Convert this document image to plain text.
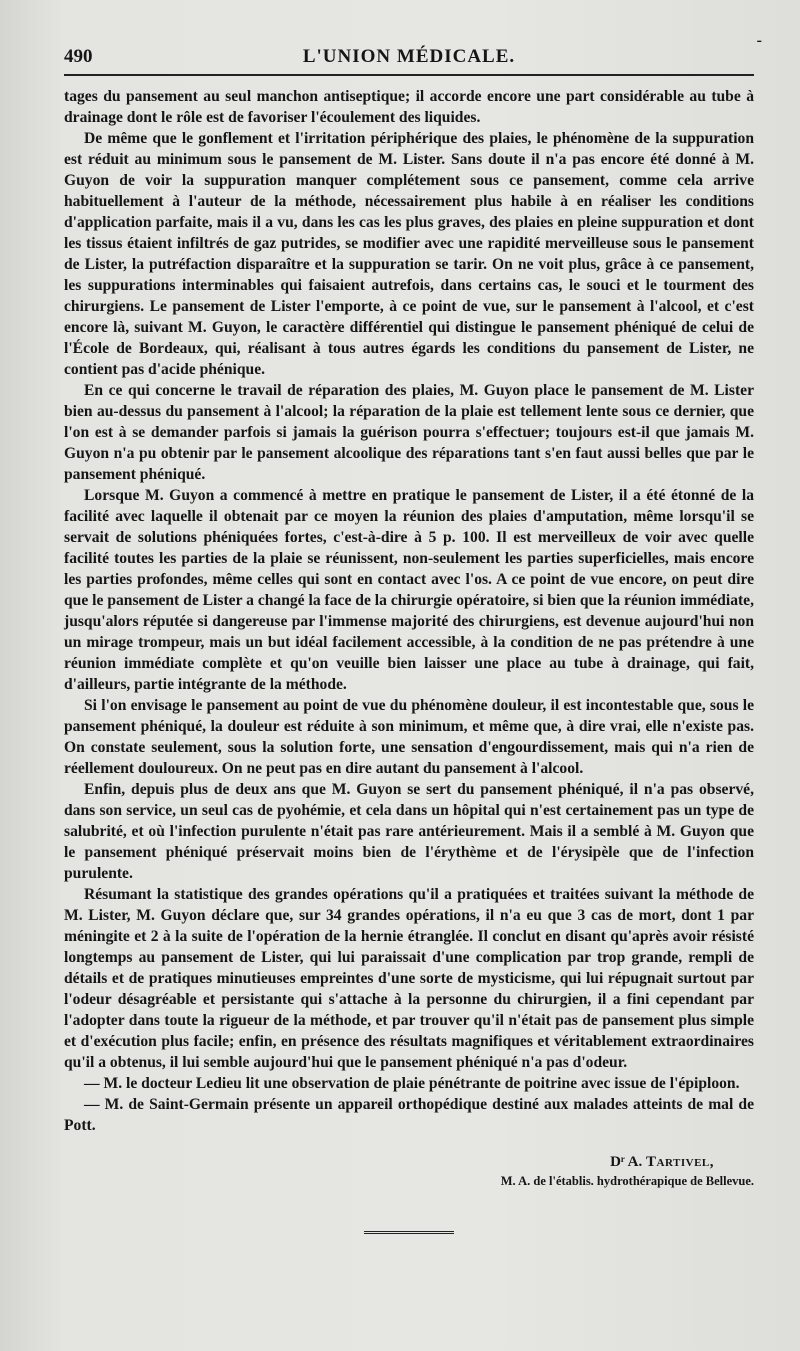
490	L'UNION MÉDICALE.
-

tages du pansement au seul manchon antiseptique; il accorde encore une part considérable au tube à drainage dont le rôle est de favoriser l'écoulement des liquides.

De même que le gonflement et l'irritation périphérique des plaies, le phénomène de la suppuration est réduit au minimum sous le pansement de M. Lister. Sans doute il n'a pas encore été donné à M. Guyon de voir la suppuration manquer complétement sous ce pansement, comme cela arrive habituellement à l'auteur de la méthode, nécessairement plus habile à en réaliser les conditions d'application parfaite, mais il a vu, dans les cas les plus graves, des plaies en pleine suppuration et dont les tissus étaient infiltrés de gaz putrides, se modifier avec une rapidité merveilleuse sous le pansement de Lister, la putréfaction disparaître et la suppuration se tarir. On ne voit plus, grâce à ce pansement, les suppurations interminables qui faisaient autrefois, dans certains cas, le souci et le tourment des chirurgiens. Le pansement de Lister l'emporte, à ce point de vue, sur le pansement à l'alcool, et c'est encore là, suivant M. Guyon, le caractère différentiel qui distingue le pansement phéniqué de celui de l'École de Bordeaux, qui, réalisant à tous autres égards les conditions du pansement de Lister, ne contient pas d'acide phénique.

En ce qui concerne le travail de réparation des plaies, M. Guyon place le pansement de M. Lister bien au-dessus du pansement à l'alcool; la réparation de la plaie est tellement lente sous ce dernier, que l'on est à se demander parfois si jamais la guérison pourra s'effectuer; toujours est-il que jamais M. Guyon n'a pu obtenir par le pansement alcoolique des réparations tant s'en faut aussi belles que par le pansement phéniqué.

Lorsque M. Guyon a commencé à mettre en pratique le pansement de Lister, il a été étonné de la facilité avec laquelle il obtenait par ce moyen la réunion des plaies d'amputation, même lorsqu'il se servait de solutions phéniquées fortes, c'est-à-dire à 5 p. 100. Il est merveilleux de voir avec quelle facilité toutes les parties de la plaie se réunissent, non-seulement les parties superficielles, mais encore les parties profondes, même celles qui sont en contact avec l'os. A ce point de vue encore, on peut dire que le pansement de Lister a changé la face de la chirurgie opératoire, si bien que la réunion immédiate, jusqu'alors réputée si dangereuse par l'immense majorité des chirurgiens, est devenue aujourd'hui non un mirage trompeur, mais un but idéal facilement accessible, à la condition de ne pas prétendre à une réunion immédiate complète et qu'on veuille bien laisser une place au tube à drainage, qui fait, d'ailleurs, partie intégrante de la méthode.

Si l'on envisage le pansement au point de vue du phénomène douleur, il est incontestable que, sous le pansement phéniqué, la douleur est réduite à son minimum, et même que, à dire vrai, elle n'existe pas. On constate seulement, sous la solution forte, une sensation d'engourdissement, mais qui n'a rien de réellement douloureux. On ne peut pas en dire autant du pansement à l'alcool.

Enfin, depuis plus de deux ans que M. Guyon se sert du pansement phéniqué, il n'a pas observé, dans son service, un seul cas de pyohémie, et cela dans un hôpital qui n'est certainement pas un type de salubrité, et où l'infection purulente n'était pas rare antérieurement. Mais il a semblé à M. Guyon que le pansement phéniqué préservait moins bien de l'érythème et de l'érysipèle que de l'infection purulente.

Résumant la statistique des grandes opérations qu'il a pratiquées et traitées suivant la méthode de M. Lister, M. Guyon déclare que, sur 34 grandes opérations, il n'a eu que 3 cas de mort, dont 1 par méningite et 2 à la suite de l'opération de la hernie étranglée. Il conclut en disant qu'après avoir résisté longtemps au pansement de Lister, qui lui paraissait d'une complication par trop grande, rempli de détails et de pratiques minutieuses empreintes d'une sorte de mysticisme, qui lui répugnait surtout par l'odeur désagréable et persistante qui s'attache à la personne du chirurgien, il a fini cependant par l'adopter dans toute la rigueur de la méthode, et par trouver qu'il n'était pas de pansement plus simple et d'exécution plus facile; enfin, en présence des résultats magnifiques et véritablement extraordinaires qu'il a obtenus, il lui semble aujourd'hui que le pansement phéniqué n'a pas d'odeur.

— M. le docteur Ledieu lit une observation de plaie pénétrante de poitrine avec issue de l'épiploon.

— M. de Saint-Germain présente un appareil orthopédique destiné aux malades atteints de mal de Pott.

Dʳ A. Tartivel,
M. A. de l'établis. hydrothérapique de Bellevue.
